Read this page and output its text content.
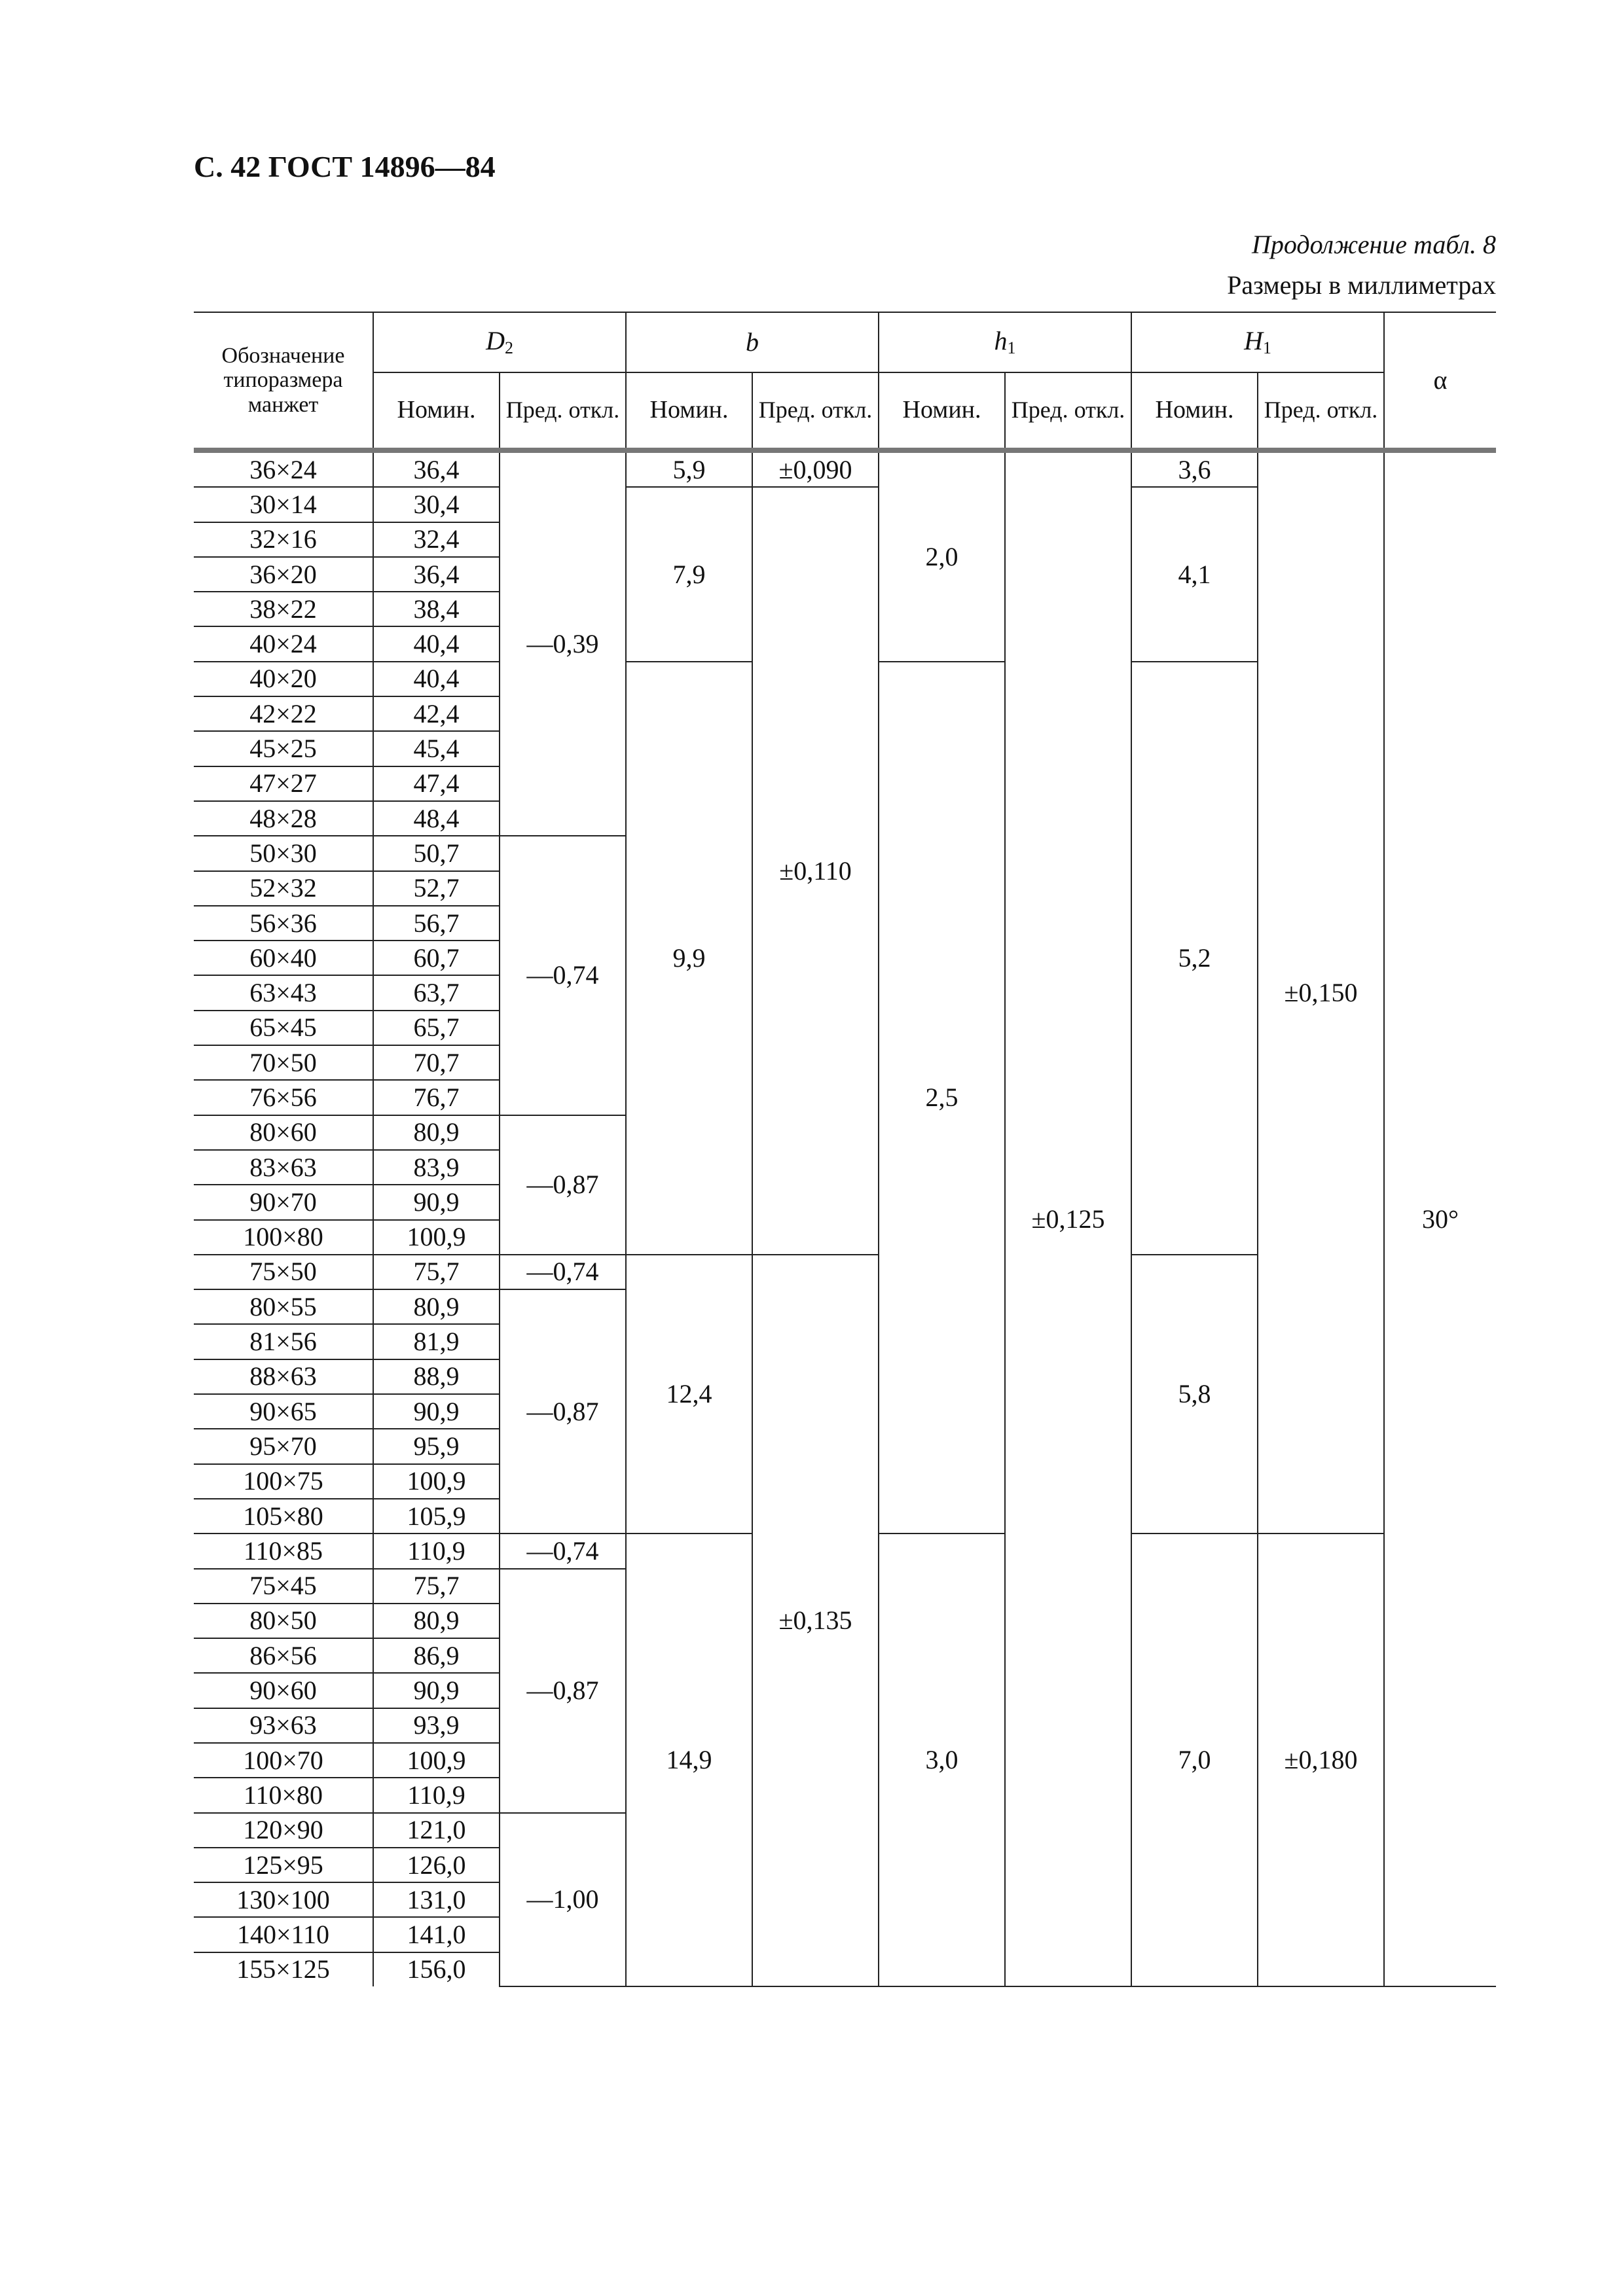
С. 42 ГОСТ 14896—84
Продолжение табл. 8
Размеры в миллиметрах
Обозначение типоразмера манжет	$D_2$		b		$h_1$		$H_1$		α
	Номин.	Пред. откл.	Номин.	Пред. откл.	Номин.	Пред. откл.	Номин.	Пред. откл.	
36×24	36,4	—0,39	5,9	±0,090	2,0	±0,125	3,6	±0,150	30°
30×14	30,4		7,9	±0,110			4,1		
32×16	32,4								
36×20	36,4								
38×22	38,4								
40×24	40,4								
40×20	40,4		9,9		2,5		5,2		
42×22	42,4								
45×25	45,4								
47×27	47,4								
48×28	48,4								
50×30	50,7	—0,74							
52×32	52,7								
56×36	56,7								
60×40	60,7								
63×43	63,7								
65×45	65,7								
70×50	70,7								
76×56	76,7								
80×60	80,9	—0,87							
83×63	83,9								
90×70	90,9								
100×80	100,9								
75×50	75,7	—0,74	12,4	±0,135			5,8		
80×55	80,9	—0,87							
81×56	81,9								
88×63	88,9								
90×65	90,9								
95×70	95,9								
100×75	100,9								
105×80	105,9								
110×85	110,9	—0,74	14,9		3,0		7,0	±0,180	
75×45	75,7	—0,87							
80×50	80,9								
86×56	86,9								
90×60	90,9								
93×63	93,9								
100×70	100,9								
110×80	110,9								
120×90	121,0	—1,00							
125×95	126,0								
130×100	131,0								
140×110	141,0								
155×125	156,0								
